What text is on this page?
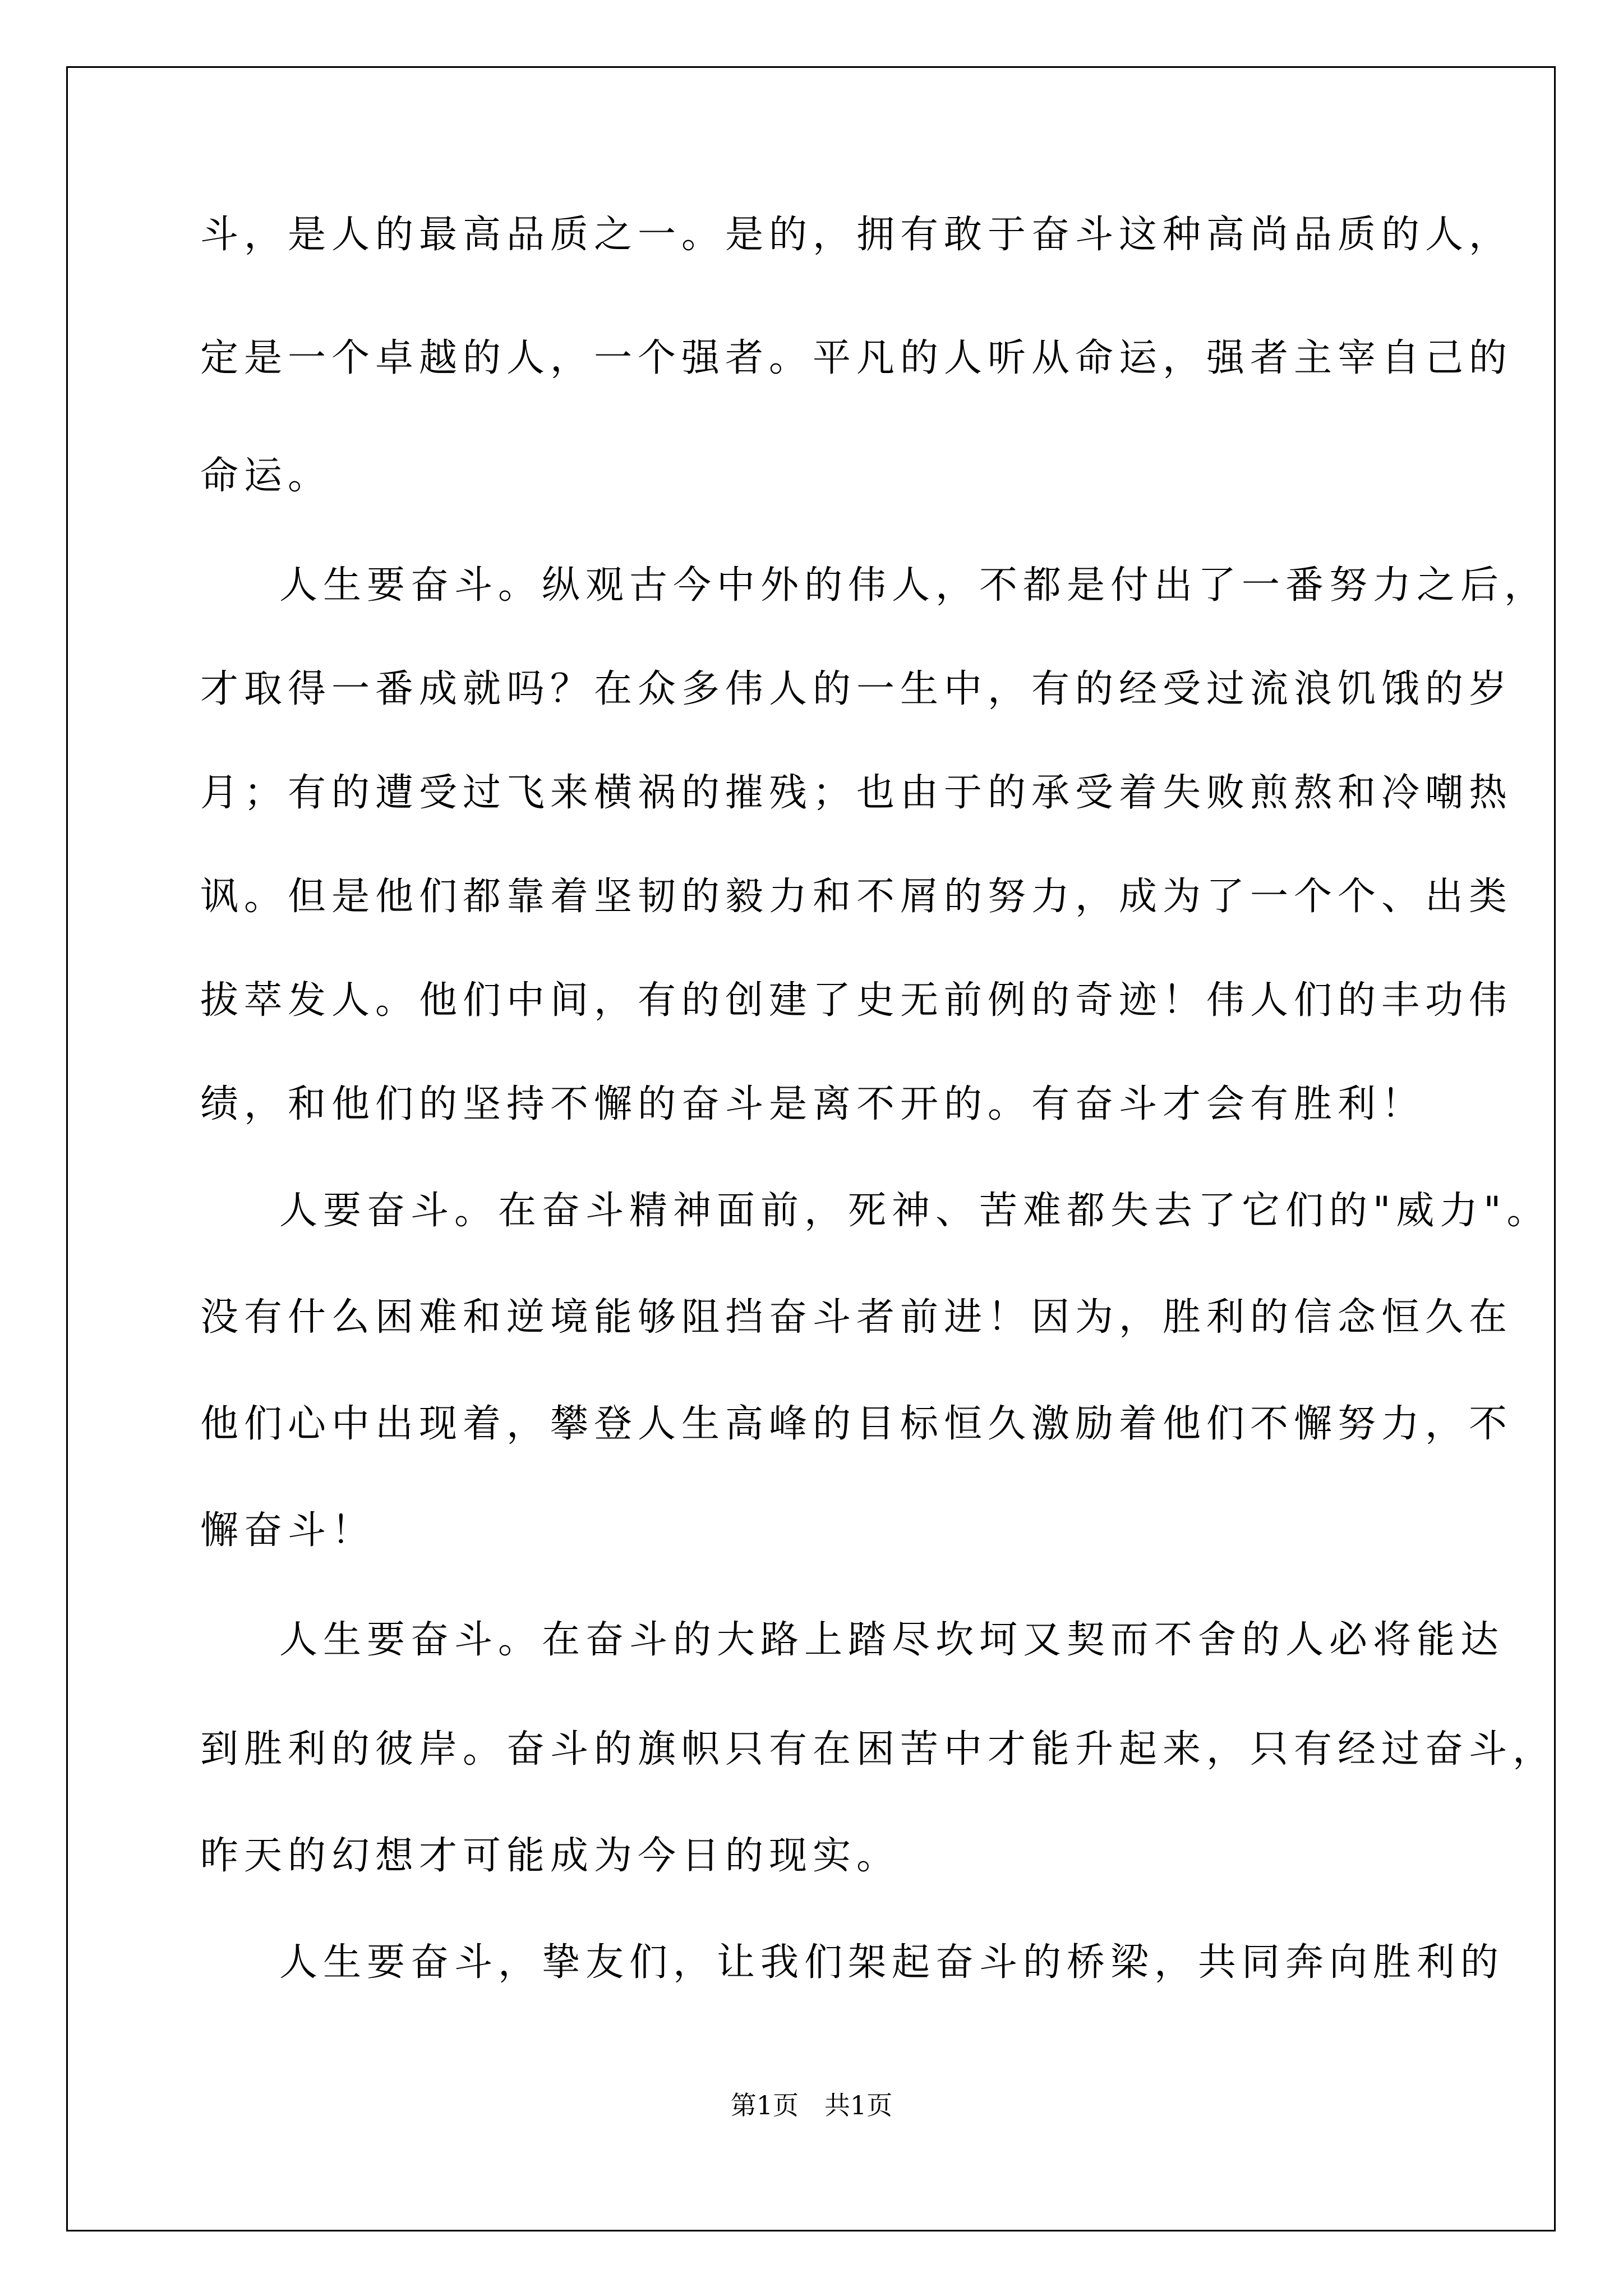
斗，是人的最高品质之一。是的，拥有敢于奋斗这种高尚品质的人，

定是一个卓越的人，一个强者。平凡的人听从命运，强者主宰自己的

命运。

人生要奋斗。纵观古今中外的伟人，不都是付出了一番努力之后，

才取得一番成就吗？在众多伟人的一生中，有的经受过流浪饥饿的岁

月；有的遭受过飞来横祸的摧残；也由于的承受着失败煎熬和冷嘲热

讽。但是他们都靠着坚韧的毅力和不屑的努力，成为了一个个、出类

拔萃发人。他们中间，有的创建了史无前例的奇迹！伟人们的丰功伟

绩，和他们的坚持不懈的奋斗是离不开的。有奋斗才会有胜利！

人要奋斗。在奋斗精神面前，死神、苦难都失去了它们的"威力"。

没有什么困难和逆境能够阻挡奋斗者前进！因为，胜利的信念恒久在

他们心中出现着，攀登人生高峰的目标恒久激励着他们不懈努力，不

懈奋斗！

人生要奋斗。在奋斗的大路上踏尽坎坷又契而不舍的人必将能达

到胜利的彼岸。奋斗的旗帜只有在困苦中才能升起来，只有经过奋斗，

昨天的幻想才可能成为今日的现实。

人生要奋斗，挚友们，让我们架起奋斗的桥梁，共同奔向胜利的

第1页　共1页
